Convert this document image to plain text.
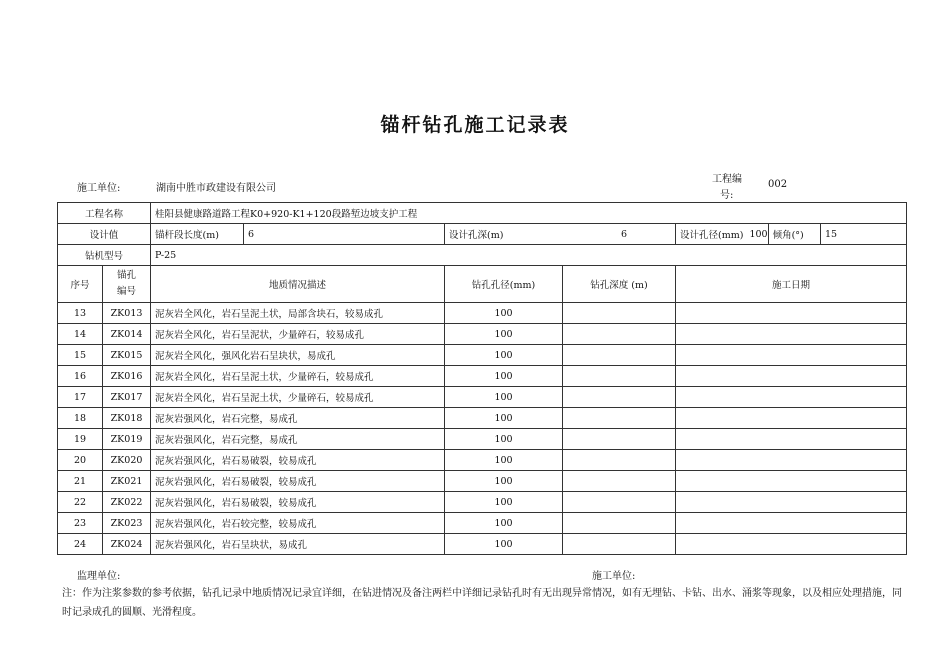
锚杆钻孔施工记录表
施工单位:	湖南中胜市政建设有限公司
工程编
号:
002
工程名称		桂阳县健康路道路工程K0+920-K1+120段路堑边坡支护工程				
设计值		锚杆段长度(m) 6	设计孔深(m) 6		设计孔径(mm) 100 倾角(°)	15
钻机型号		P-25				
序号	锚孔
编号	地质情况描述	钻孔孔径(mm)	钻孔深度 (m)	施工日期	
13	ZK013	泥灰岩全风化，岩石呈泥土状，局部含块石，较易成孔	100			
14	ZK014	泥灰岩全风化，岩石呈泥状，少量碎石，较易成孔	100			
15	ZK015	泥灰岩全风化，强风化岩石呈块状，易成孔	100			
16	ZK016	泥灰岩全风化，岩石呈泥土状，少量碎石，较易成孔	100			
17	ZK017	泥灰岩全风化，岩石呈泥土状，少量碎石，较易成孔	100			
18	ZK018	泥灰岩强风化，岩石完整，易成孔	100			
19	ZK019	泥灰岩强风化，岩石完整，易成孔	100			
20	ZK020	泥灰岩强风化，岩石易破裂，较易成孔	100			
21	ZK021	泥灰岩强风化，岩石易破裂，较易成孔	100			
22	ZK022	泥灰岩强风化，岩石易破裂，较易成孔	100			
23	ZK023	泥灰岩强风化，岩石较完整，较易成孔	100			
24	ZK024	泥灰岩强风化，岩石呈块状，易成孔	100			
监理单位:	施工单位:
注：作为注浆参数的参考依据，钻孔记录中地质情况记录宜详细，在钻进情况及备注两栏中详细记录钻孔时有无出现异常情况，如有无埋钻、卡钻、出水、涌浆等现象，以及相应处理措施，同时记录成孔的圆顺、光滑程度。
